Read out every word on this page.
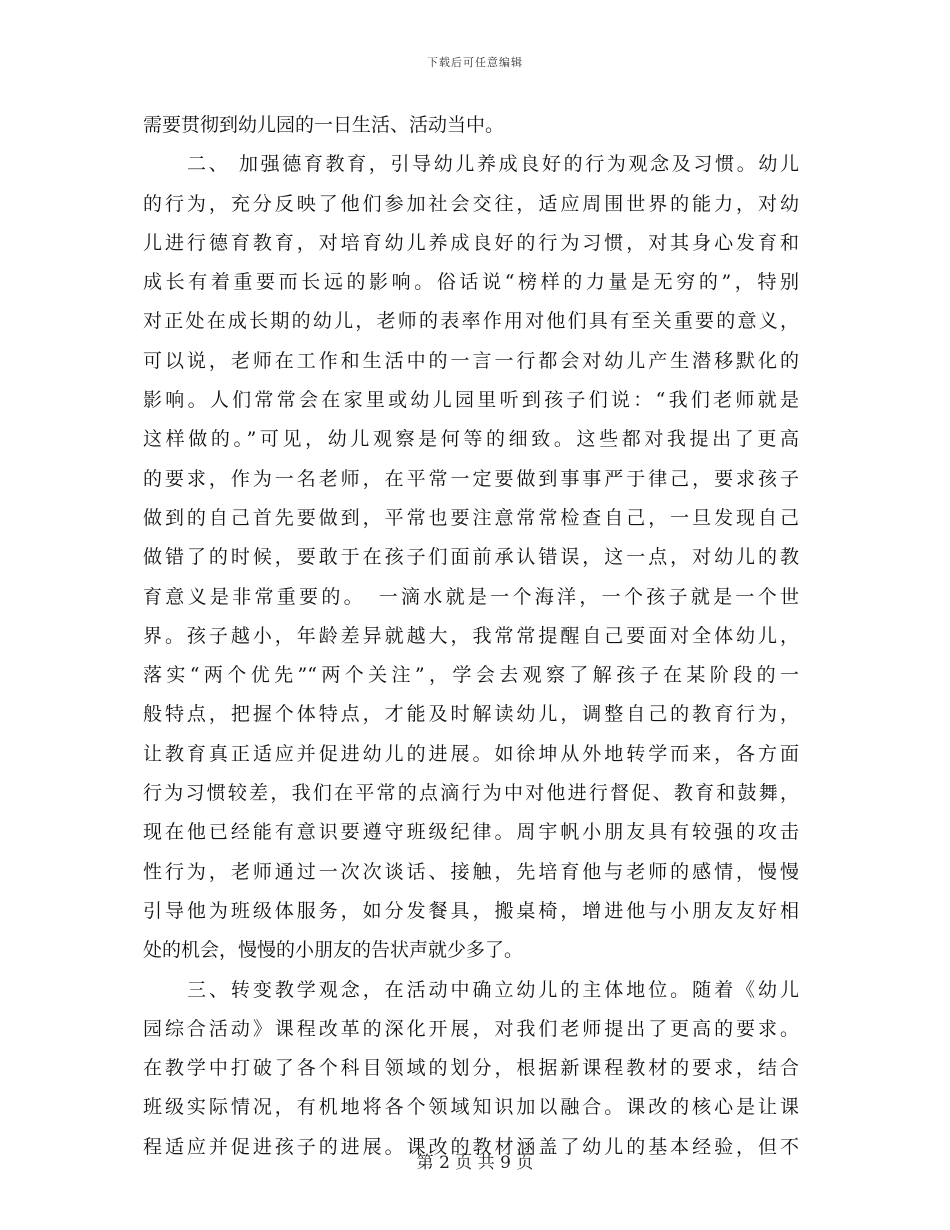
下载后可任意编辑
需要贯彻到幼儿园的一日生活、活动当中。
二、 加强德育教育，引导幼儿养成良好的行为观念及习惯。幼儿
的行为，充分反映了他们参加社会交往，适应周围世界的能力，对幼
儿进行德育教育，对培育幼儿养成良好的行为习惯，对其身心发育和
成长有着重要而长远的影响。俗话说“榜样的力量是无穷的”，特别
对正处在成长期的幼儿，老师的表率作用对他们具有至关重要的意义，
可以说，老师在工作和生活中的一言一行都会对幼儿产生潜移默化的
影响。人们常常会在家里或幼儿园里听到孩子们说：“我们老师就是
这样做的。”可见，幼儿观察是何等的细致。这些都对我提出了更高
的要求，作为一名老师，在平常一定要做到事事严于律己，要求孩子
做到的自己首先要做到，平常也要注意常常检查自己，一旦发现自己
做错了的时候，要敢于在孩子们面前承认错误，这一点，对幼儿的教
育意义是非常重要的。　一滴水就是一个海洋，一个孩子就是一个世
界。孩子越小，年龄差异就越大，我常常提醒自己要面对全体幼儿，
落实“两个优先”“两个关注”，学会去观察了解孩子在某阶段的一
般特点，把握个体特点，才能及时解读幼儿，调整自己的教育行为，
让教育真正适应并促进幼儿的进展。如徐坤从外地转学而来，各方面
行为习惯较差，我们在平常的点滴行为中对他进行督促、教育和鼓舞，
现在他已经能有意识要遵守班级纪律。周宇帆小朋友具有较强的攻击
性行为，老师通过一次次谈话、接触，先培育他与老师的感情，慢慢
引导他为班级体服务，如分发餐具，搬桌椅，增进他与小朋友友好相
处的机会，慢慢的小朋友的告状声就少多了。
三、转变教学观念，在活动中确立幼儿的主体地位。随着《幼儿
园综合活动》课程改革的深化开展，对我们老师提出了更高的要求。
在教学中打破了各个科目领域的划分，根据新课程教材的要求，结合
班级实际情况，有机地将各个领域知识加以融合。课改的核心是让课
程适应并促进孩子的进展。课改的教材涵盖了幼儿的基本经验，但不
第 2 页 共 9 页
